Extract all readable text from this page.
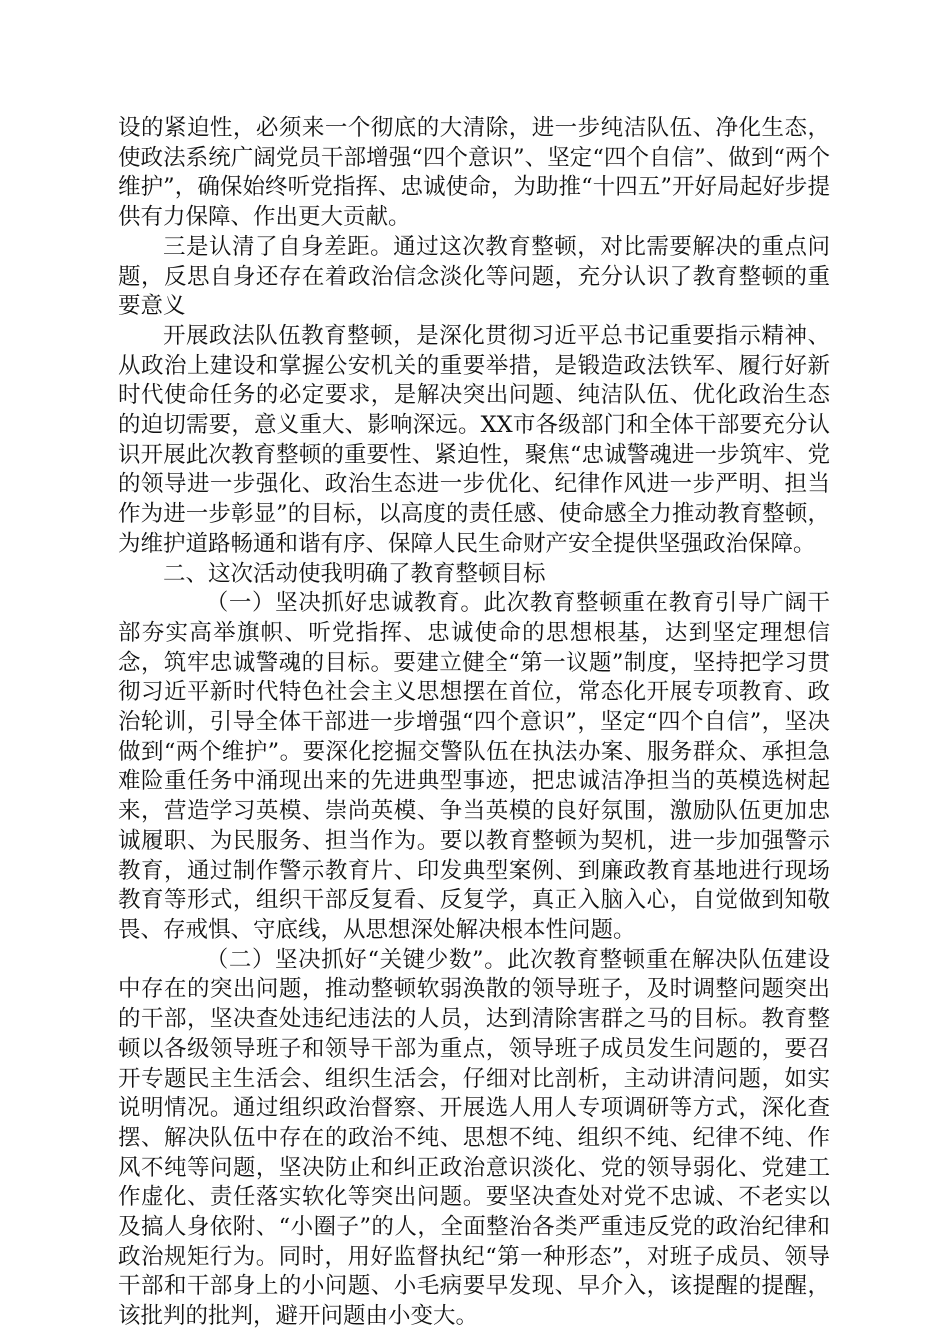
设的紧迫性，必须来一个彻底的大清除，进一步纯洁队伍、净化生态，使政法系统广阔党员干部增强“四个意识”、坚定“四个自信”、做到“两个维护”，确保始终听党指挥、忠诚使命，为助推“十四五”开好局起好步提供有力保障、作出更大贡献。

三是认清了自身差距。通过这次教育整顿，对比需要解决的重点问题，反思自身还存在着政治信念淡化等问题，充分认识了教育整顿的重要意义

开展政法队伍教育整顿，是深化贯彻习近平总书记重要指示精神、从政治上建设和掌握公安机关的重要举措，是锻造政法铁军、履行好新时代使命任务的必定要求，是解决突出问题、纯洁队伍、优化政治生态的迫切需要，意义重大、影响深远。XX市各级部门和全体干部要充分认识开展此次教育整顿的重要性、紧迫性，聚焦“忠诚警魂进一步筑牢、党的领导进一步强化、政治生态进一步优化、纪律作风进一步严明、担当作为进一步彰显”的目标，以高度的责任感、使命感全力推动教育整顿，为维护道路畅通和谐有序、保障人民生命财产安全提供坚强政治保障。

二、这次活动使我明确了教育整顿目标

（一）坚决抓好忠诚教育。此次教育整顿重在教育引导广阔干部夯实高举旗帜、听党指挥、忠诚使命的思想根基，达到坚定理想信念，筑牢忠诚警魂的目标。要建立健全“第一议题”制度，坚持把学习贯彻习近平新时代特色社会主义思想摆在首位，常态化开展专项教育、政治轮训，引导全体干部进一步增强“四个意识”，坚定“四个自信”，坚决做到“两个维护”。要深化挖掘交警队伍在执法办案、服务群众、承担急难险重任务中涌现出来的先进典型事迹，把忠诚洁净担当的英模选树起来，营造学习英模、崇尚英模、争当英模的良好氛围，激励队伍更加忠诚履职、为民服务、担当作为。要以教育整顿为契机，进一步加强警示教育，通过制作警示教育片、印发典型案例、到廉政教育基地进行现场教育等形式，组织干部反复看、反复学，真正入脑入心，自觉做到知敬畏、存戒惧、守底线，从思想深处解决根本性问题。

（二）坚决抓好“关键少数”。此次教育整顿重在解决队伍建设中存在的突出问题，推动整顿软弱涣散的领导班子，及时调整问题突出的干部，坚决查处违纪违法的人员，达到清除害群之马的目标。教育整顿以各级领导班子和领导干部为重点，领导班子成员发生问题的，要召开专题民主生活会、组织生活会，仔细对比剖析，主动讲清问题，如实说明情况。通过组织政治督察、开展选人用人专项调研等方式，深化查摆、解决队伍中存在的政治不纯、思想不纯、组织不纯、纪律不纯、作风不纯等问题，坚决防止和纠正政治意识淡化、党的领导弱化、党建工作虚化、责任落实软化等突出问题。要坚决查处对党不忠诚、不老实以及搞人身依附、“小圈子”的人，全面整治各类严重违反党的政治纪律和政治规矩行为。同时，用好监督执纪“第一种形态”，对班子成员、领导干部和干部身上的小问题、小毛病要早发现、早介入，该提醒的提醒，该批判的批判，避开问题由小变大。
